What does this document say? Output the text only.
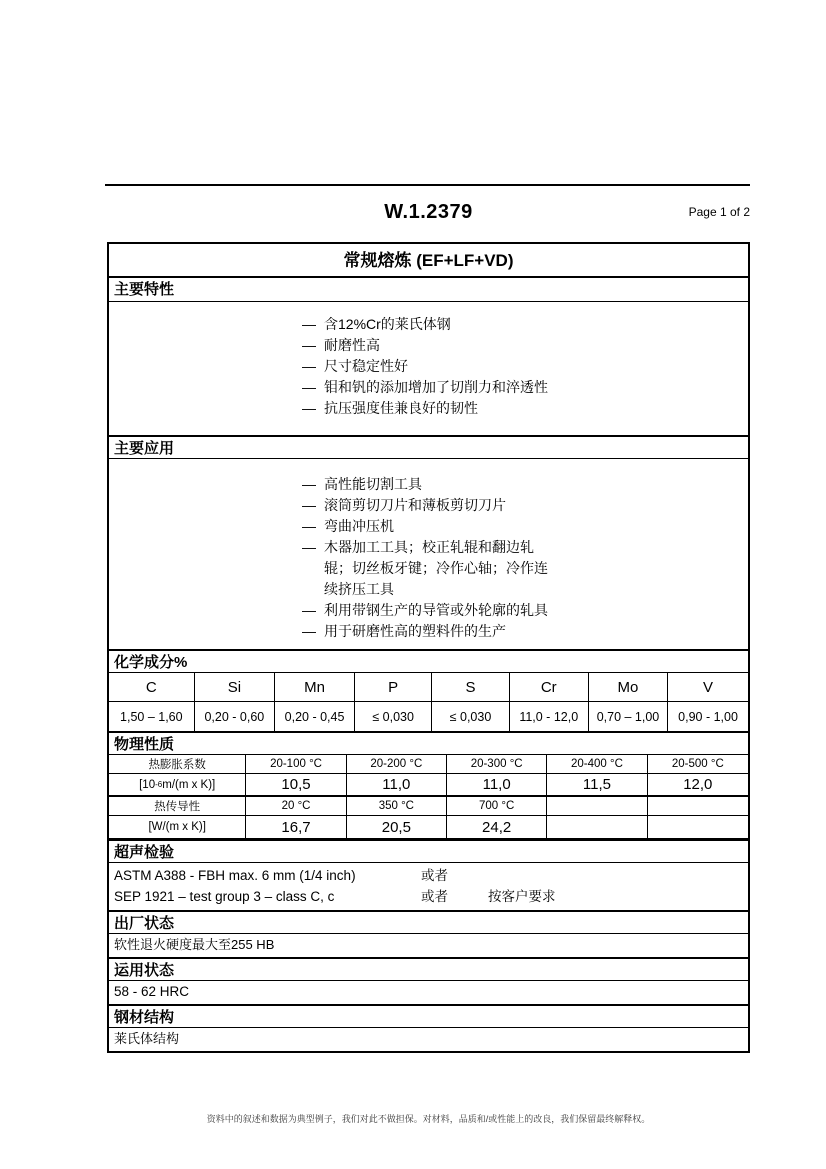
W.1.2379	Page 1 of 2
常规熔炼 (EF+LF+VD)
主要特性
— 含12%Cr的莱氏体钢
— 耐磨性高
— 尺寸稳定性好
— 钼和钒的添加增加了切削力和淬透性
— 抗压强度佳兼良好的韧性
主要应用
— 高性能切割工具
— 滚筒剪切刀片和薄板剪切刀片
— 弯曲冲压机
— 木器加工工具；校正轧辊和翻边轧辊；切丝板牙键；冷作心轴；冷作连续挤压工具
— 利用带钢生产的导管或外轮廓的轧具
— 用于研磨性高的塑料件的生产
化学成分%
C	Si	Mn	P	S	Cr	Mo	V
1,50 – 1,60	0,20 - 0,60	0,20 - 0,45	≤ 0,030	≤ 0,030	11,0 - 12,0	0,70 – 1,00	0,90 - 1,00
物理性质
热膨胀系数	20-100 °C	20-200 °C	20-300 °C	20-400 °C	20-500 °C
[10 -6 m/(m x K)]	10,5	11,0	11,0	11,5	12,0
热传导性	20 °C	350 °C	700 °C
[W/(m x K)]	16,7	20,5	24,2
超声检验
ASTM A388 - FBH max. 6 mm (1/4 inch)	或者
SEP 1921 – test group 3 – class C, c	或者	按客户要求
出厂状态
软性退火硬度最大至255 HB
运用状态
58 - 62 HRC
钢材结构
莱氏体结构
资料中的叙述和数据为典型例子，我们对此不做担保。对材料，品质和/或性能上的改良，我们保留最终解释权。
